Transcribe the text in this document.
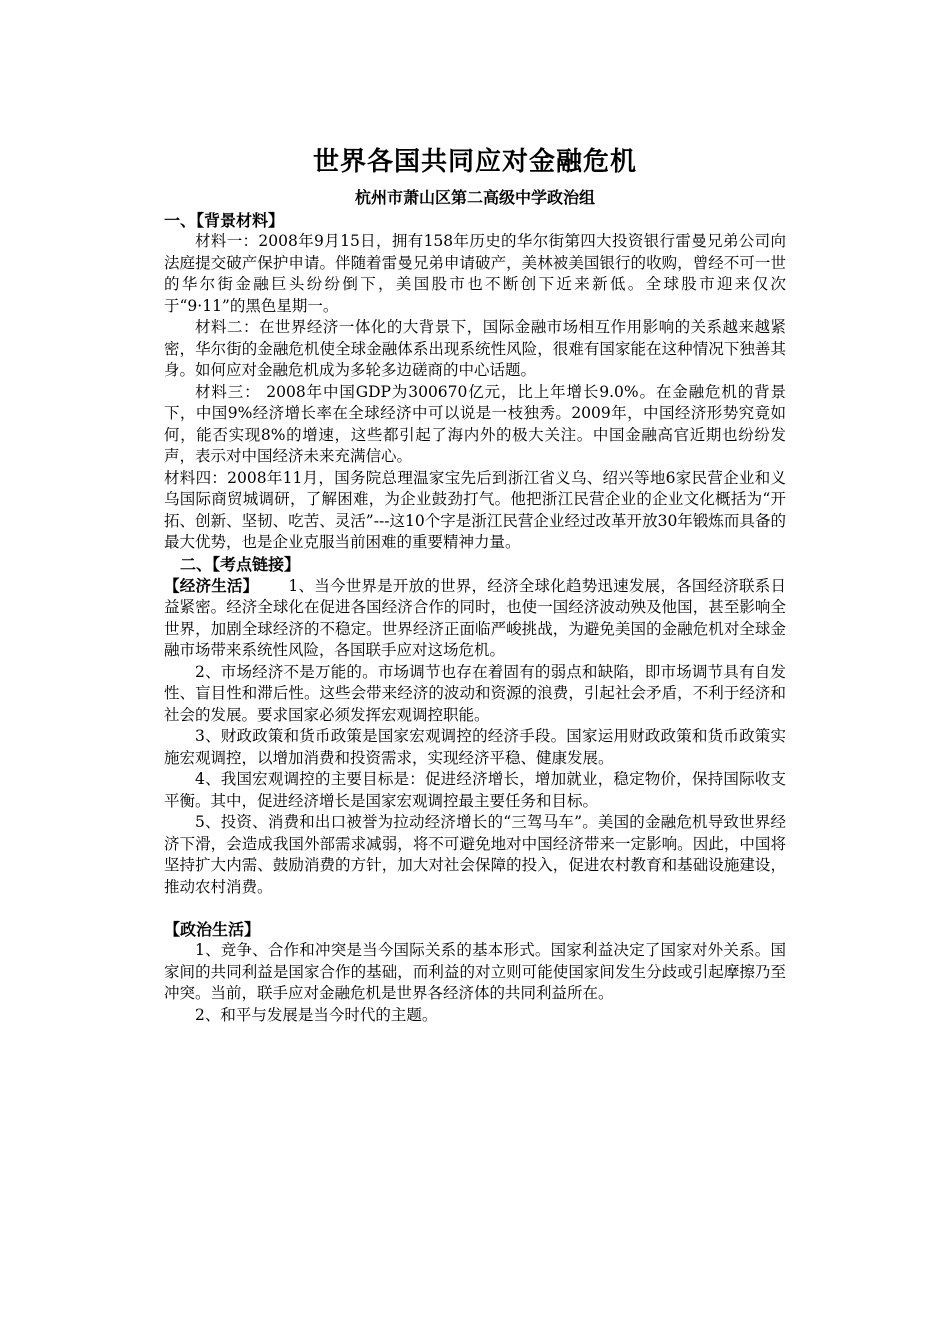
世界各国共同应对金融危机
杭州市萧山区第二高级中学政治组
一、【背景材料】

材料一：2008年9月15日，拥有158年历史的华尔街第四大投资银行雷曼兄弟公司向法庭提交破产保护申请。伴随着雷曼兄弟申请破产，美林被美国银行的收购，曾经不可一世的华尔街金融巨头纷纷倒下，美国股市也不断创下近来新低。全球股市迎来仅次于“9·11”的黑色星期一。

材料二：在世界经济一体化的大背景下，国际金融市场相互作用影响的关系越来越紧密，华尔街的金融危机使全球金融体系出现系统性风险，很难有国家能在这种情况下独善其身。如何应对金融危机成为多轮多边磋商的中心话题。

材料三： 2008年中国GDP为300670亿元，比上年增长9.0%。在金融危机的背景下，中国9%经济增长率在全球经济中可以说是一枝独秀。2009年，中国经济形势究竟如何，能否实现8%的增速，这些都引起了海内外的极大关注。中国金融高官近期也纷纷发声，表示对中国经济未来充满信心。

材料四：2008年11月，国务院总理温家宝先后到浙江省义乌、绍兴等地6家民营企业和义乌国际商贸城调研，了解困难，为企业鼓劲打气。他把浙江民营企业的企业文化概括为“开拓、创新、坚韧、吃苦、灵活”---这10个字是浙江民营企业经过改革开放30年锻炼而具备的最大优势，也是企业克服当前困难的重要精神力量。

二、【考点链接】

【经济生活】 1、当今世界是开放的世界，经济全球化趋势迅速发展，各国经济联系日益紧密。经济全球化在促进各国经济合作的同时，也使一国经济波动殃及他国，甚至影响全世界，加剧全球经济的不稳定。世界经济正面临严峻挑战，为避免美国的金融危机对全球金融市场带来系统性风险，各国联手应对这场危机。

2、市场经济不是万能的。市场调节也存在着固有的弱点和缺陷，即市场调节具有自发性、盲目性和滞后性。这些会带来经济的波动和资源的浪费，引起社会矛盾，不利于经济和社会的发展。要求国家必须发挥宏观调控职能。

3、财政政策和货币政策是国家宏观调控的经济手段。国家运用财政政策和货币政策实施宏观调控，以增加消费和投资需求，实现经济平稳、健康发展。

4、我国宏观调控的主要目标是：促进经济增长，增加就业，稳定物价，保持国际收支平衡。其中，促进经济增长是国家宏观调控最主要任务和目标。

5、投资、消费和出口被誉为拉动经济增长的“三驾马车”。美国的金融危机导致世界经济下滑，会造成我国外部需求减弱，将不可避免地对中国经济带来一定影响。因此，中国将坚持扩大内需、鼓励消费的方针，加大对社会保障的投入，促进农村教育和基础设施建设，推动农村消费。

【政治生活】

1、竞争、合作和冲突是当今国际关系的基本形式。国家利益决定了国家对外关系。国家间的共同利益是国家合作的基础，而利益的对立则可能使国家间发生分歧或引起摩擦乃至冲突。当前，联手应对金融危机是世界各经济体的共同利益所在。

2、和平与发展是当今时代的主题。
